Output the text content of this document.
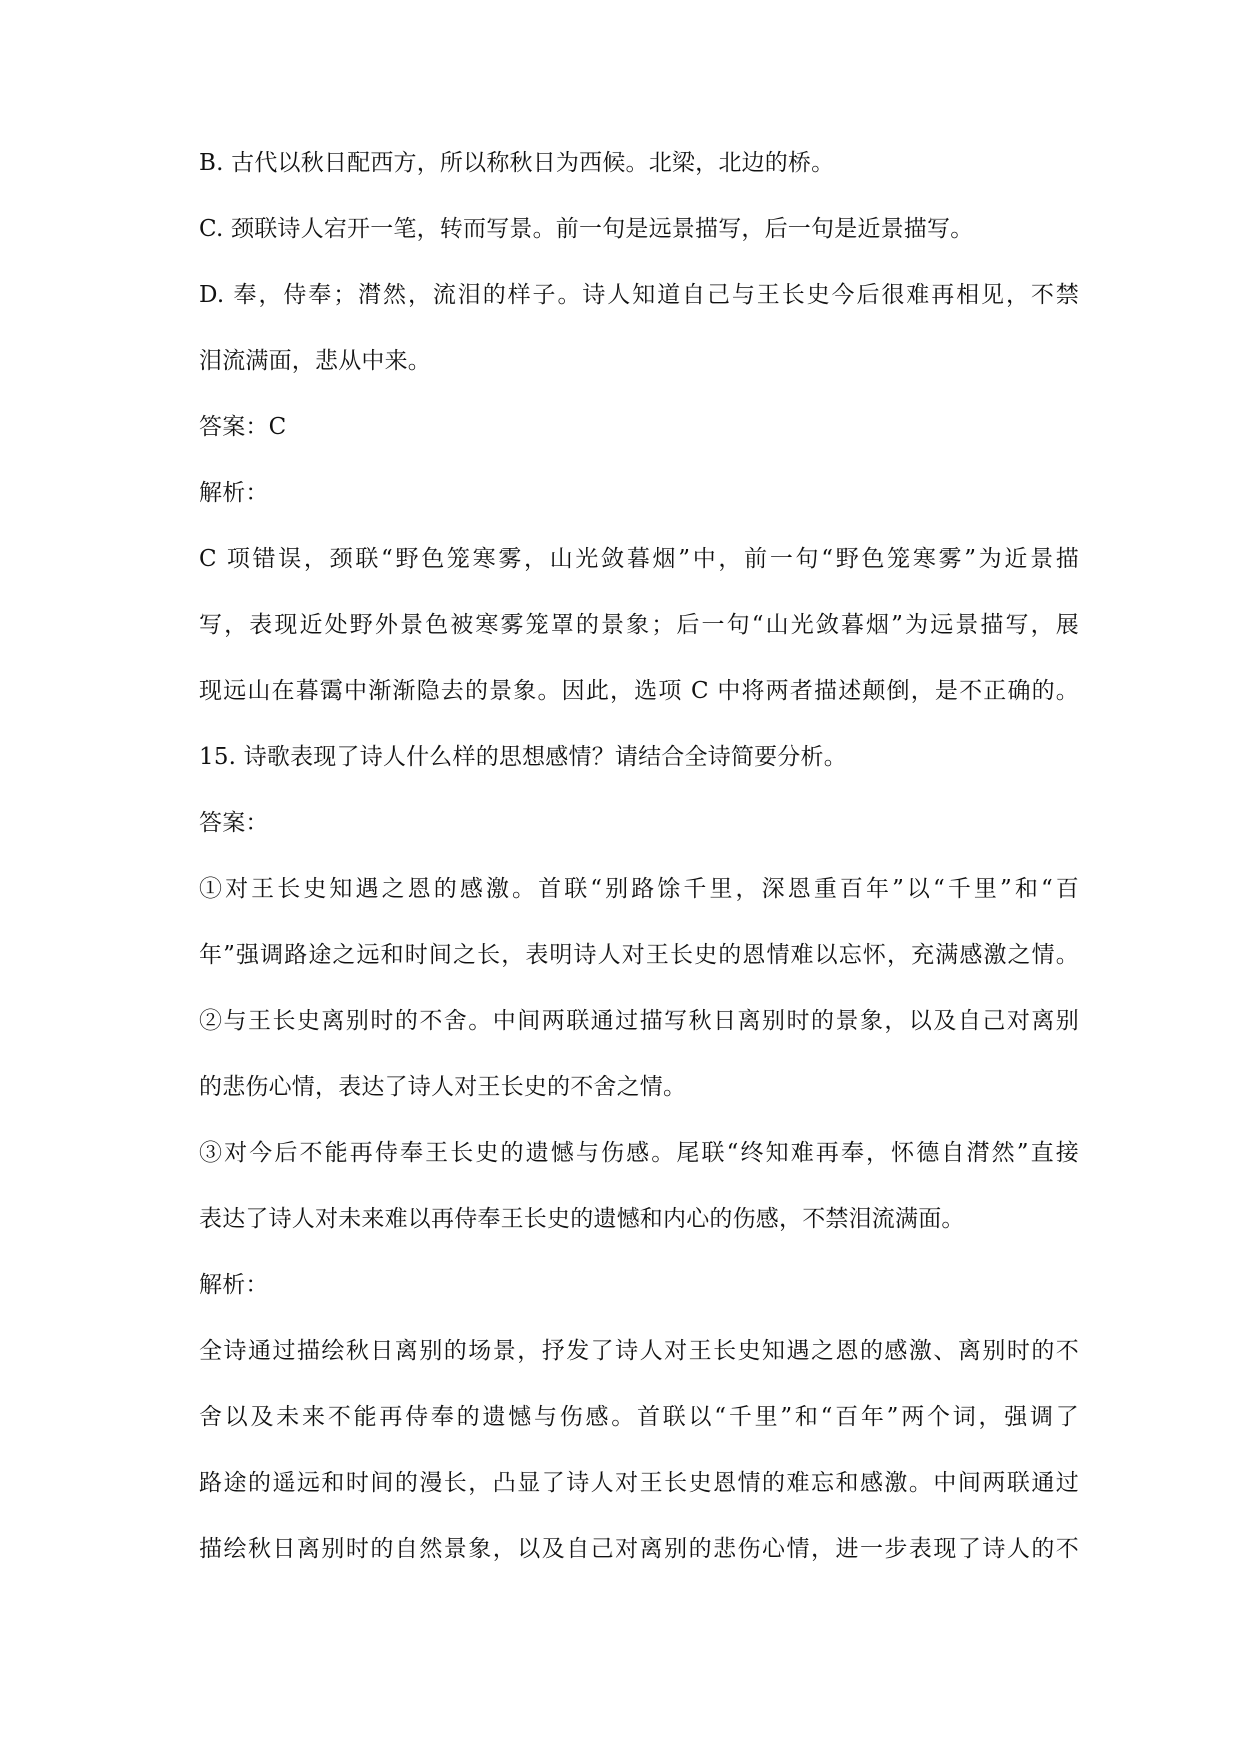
B. 古代以秋日配西方，所以称秋日为西候。北梁，北边的桥。
C. 颈联诗人宕开一笔，转而写景。前一句是远景描写，后一句是近景描写。
D. 奉，侍奉；潸然，流泪的样子。诗人知道自己与王长史今后很难再相见，不禁
泪流满面，悲从中来。
答案：C
解析：
C 项错误，颈联“野色笼寒雾，山光敛暮烟”中，前一句“野色笼寒雾”为近景描
写，表现近处野外景色被寒雾笼罩的景象；后一句“山光敛暮烟”为远景描写，展
现远山在暮霭中渐渐隐去的景象。因此，选项 C 中将两者描述颠倒，是不正确的。
15. 诗歌表现了诗人什么样的思想感情？请结合全诗简要分析。
答案：
①对王长史知遇之恩的感激。首联“别路馀千里，深恩重百年”以“千里”和“百
年”强调路途之远和时间之长，表明诗人对王长史的恩情难以忘怀，充满感激之情。
②与王长史离别时的不舍。中间两联通过描写秋日离别时的景象，以及自己对离别
的悲伤心情，表达了诗人对王长史的不舍之情。
③对今后不能再侍奉王长史的遗憾与伤感。尾联“终知难再奉，怀德自潸然”直接
表达了诗人对未来难以再侍奉王长史的遗憾和内心的伤感，不禁泪流满面。
解析：
全诗通过描绘秋日离别的场景，抒发了诗人对王长史知遇之恩的感激、离别时的不
舍以及未来不能再侍奉的遗憾与伤感。首联以“千里”和“百年”两个词，强调了
路途的遥远和时间的漫长，凸显了诗人对王长史恩情的难忘和感激。中间两联通过
描绘秋日离别时的自然景象，以及自己对离别的悲伤心情，进一步表现了诗人的不
